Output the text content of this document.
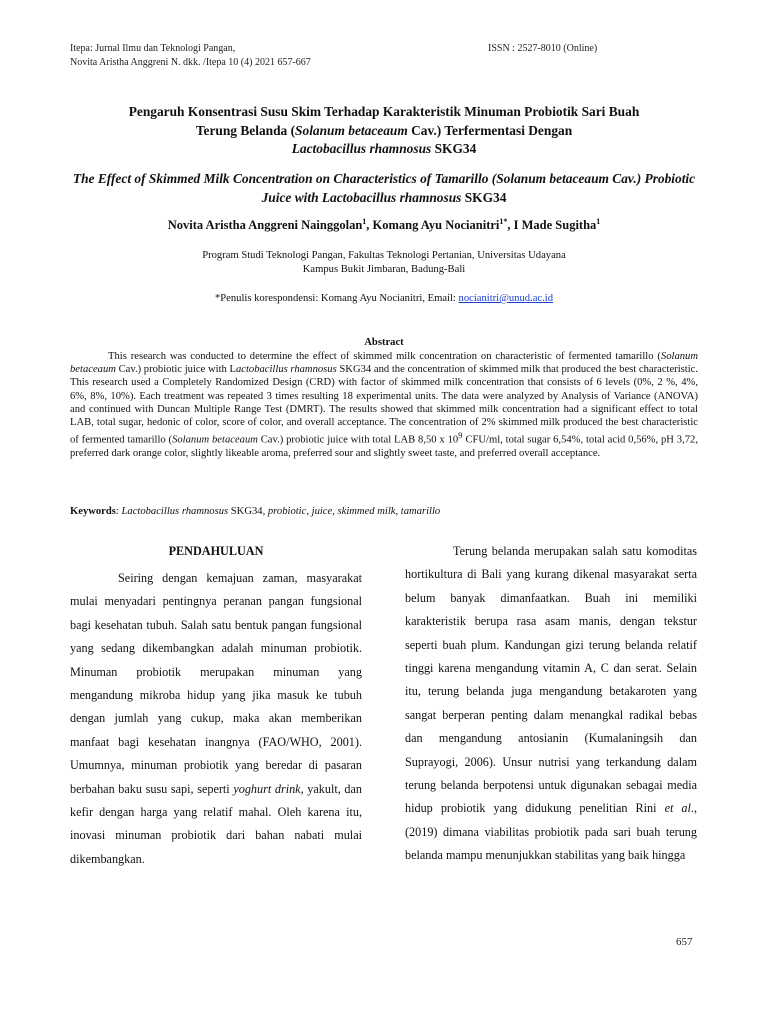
Itepa: Jurnal Ilmu dan Teknologi Pangan,
Novita Aristha Anggreni N. dkk. /Itepa 10 (4) 2021 657-667
ISSN : 2527-8010 (Online)
Pengaruh Konsentrasi Susu Skim Terhadap Karakteristik Minuman Probiotik Sari Buah
Terung Belanda (Solanum betaceaum Cav.) Terfermentasi Dengan
Lactobacillus rhamnosus SKG34
The Effect of Skimmed Milk Concentration on Characteristics of Tamarillo (Solanum betaceaum Cav.) Probiotic Juice with Lactobacillus rhamnosus SKG34
Novita Aristha Anggreni Nainggolan$^1$, Komang Ayu Nocianitri$^{1*}$, I Made Sugitha$^1$
Program Studi Teknologi Pangan, Fakultas Teknologi Pertanian, Universitas Udayana
Kampus Bukit Jimbaran, Badung-Bali
*Penulis korespondensi: Komang Ayu Nocianitri, Email: nocianitri@unud.ac.id
Abstract
This research was conducted to determine the effect of skimmed milk concentration on characteristic of fermented tamarillo (Solanum betaceaum Cav.) probiotic juice with Lactobacillus rhamnosus SKG34 and the concentration of skimmed milk that produced the best characteristic. This research used a Completely Randomized Design (CRD) with factor of skimmed milk concentration that consists of 6 levels (0%, 2 %, 4%, 6%, 8%, 10%). Each treatment was repeated 3 times resulting 18 experimental units. The data were analyzed by Analysis of Variance (ANOVA) and continued with Duncan Multiple Range Test (DMRT). The results showed that skimmed milk concentration had a significant effect to total LAB, total sugar, hedonic of color, score of color, and overall acceptance. The concentration of 2% skimmed milk produced the best characteristic of fermented tamarillo (Solanum betaceaum Cav.) probiotic juice with total LAB 8,50 x $10^9$ CFU/ml, total sugar 6,54%, total acid 0,56%, pH 3,72, preferred dark orange color, slightly likeable aroma, preferred sour and slightly sweet taste, and preferred overall acceptance.
Keywords: Lactobacillus rhamnosus SKG34, probiotic, juice, skimmed milk, tamarillo
PENDAHULUAN
Seiring dengan kemajuan zaman, masyarakat mulai menyadari pentingnya peranan pangan fungsional bagi kesehatan tubuh. Salah satu bentuk pangan fungsional yang sedang dikembangkan adalah minuman probiotik. Minuman probiotik merupakan minuman yang mengandung mikroba hidup yang jika masuk ke tubuh dengan jumlah yang cukup, maka akan memberikan manfaat bagi kesehatan inangnya (FAO/WHO, 2001). Umumnya, minuman probiotik yang beredar di pasaran berbahan baku susu sapi, seperti yoghurt drink, yakult, dan kefir dengan harga yang relatif mahal. Oleh karena itu, inovasi minuman probiotik dari bahan nabati mulai dikembangkan.
Terung belanda merupakan salah satu komoditas hortikultura di Bali yang kurang dikenal masyarakat serta belum banyak dimanfaatkan. Buah ini memiliki karakteristik berupa rasa asam manis, dengan tekstur seperti buah plum. Kandungan gizi terung belanda relatif tinggi karena mengandung vitamin A, C dan serat. Selain itu, terung belanda juga mengandung betakaroten yang sangat berperan penting dalam menangkal radikal bebas dan mengandung antosianin (Kumalaningsih dan Suprayogi, 2006). Unsur nutrisi yang terkandung dalam terung belanda berpotensi untuk digunakan sebagai media hidup probiotik yang didukung penelitian Rini et al., (2019) dimana viabilitas probiotik pada sari buah terung belanda mampu menunjukkan stabilitas yang baik hingga
657
